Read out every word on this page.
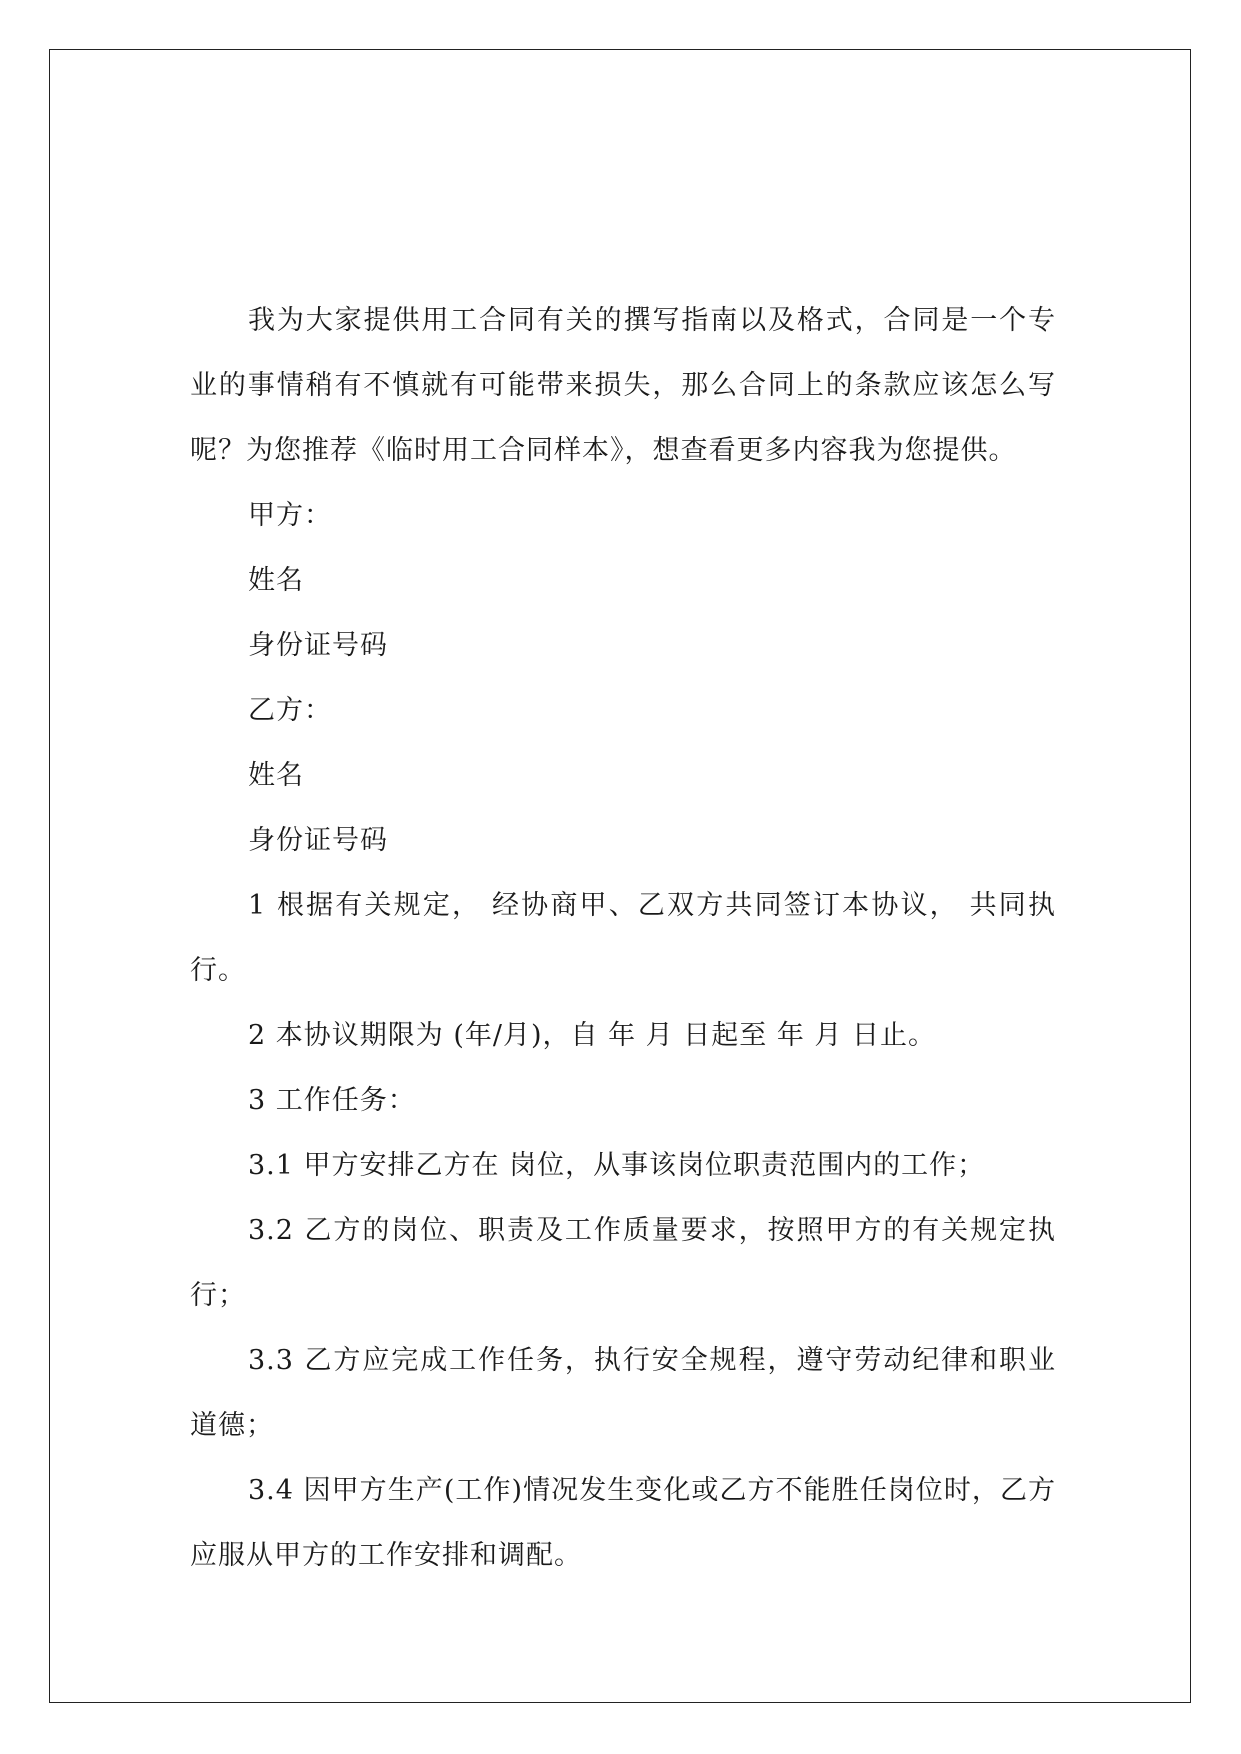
我为大家提供用工合同有关的撰写指南以及格式，合同是一个专业的事情稍有不慎就有可能带来损失，那么合同上的条款应该怎么写呢？为您推荐《临时用工合同样本》，想查看更多内容我为您提供。

甲方：

姓名

身份证号码

乙方：

姓名

身份证号码

1 根据有关规定， 经协商甲、乙双方共同签订本协议， 共同执行。

2 本协议期限为 (年/月)，自 年 月 日起至 年 月 日止。

3 工作任务：

3.1 甲方安排乙方在 岗位，从事该岗位职责范围内的工作；

3.2 乙方的岗位、职责及工作质量要求，按照甲方的有关规定执行；

3.3 乙方应完成工作任务，执行安全规程，遵守劳动纪律和职业道德；

3.4 因甲方生产(工作)情况发生变化或乙方不能胜任岗位时，乙方应服从甲方的工作安排和调配。
